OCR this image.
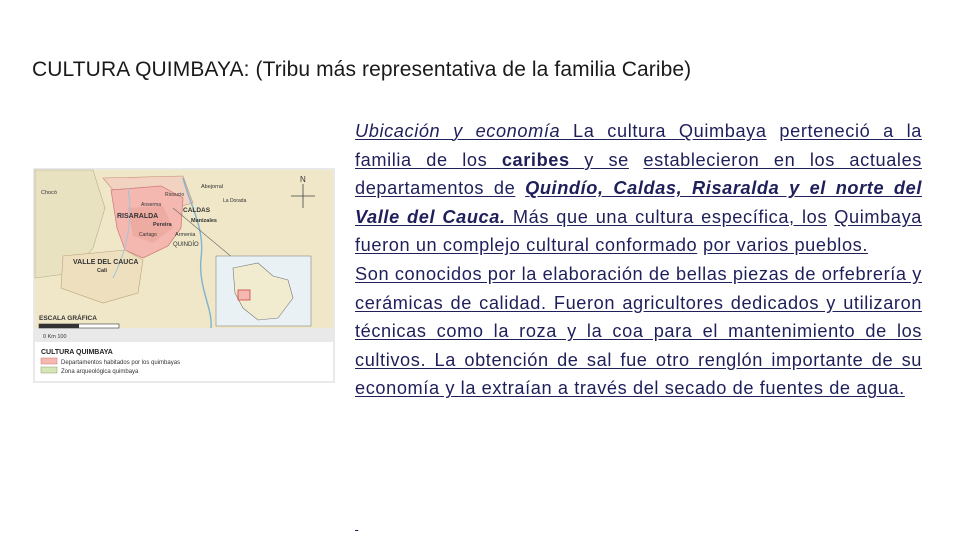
CULTURA QUIMBAYA: (Tribu más representativa de la familia Caribe)
N
Abejorral
Chocó	Riosucio
La Dorada
Anserma
CALDAS
Manizales
RISARALDA
Pereira
Armenia
QUINDÍO
Cartago
VALLE DEL CAUCA
Cali
ESCALA GRÁFICA
0 Km 100
CULTURA QUIMBAYA
Departamentos habitados por los quimbayas
Zona arqueológica quimbaya

Ubicación y economía La cultura Quimbaya perteneció a la familia de los caribes y se establecieron en los actuales departamentos de Quindío, Caldas, Risaralda y el norte del Valle del Cauca. Más que una cultura específica, los Quimbaya fueron un complejo cultural conformado por varios pueblos.

Son conocidos por la elaboración de bellas piezas de orfebrería y cerámicas de calidad. Fueron agricultores dedicados y utilizaron técnicas como la roza y la coa para el mantenimiento de los cultivos. La obtención de sal fue otro renglón importante de su economía y la extraían a través del secado de fuentes de agua.
